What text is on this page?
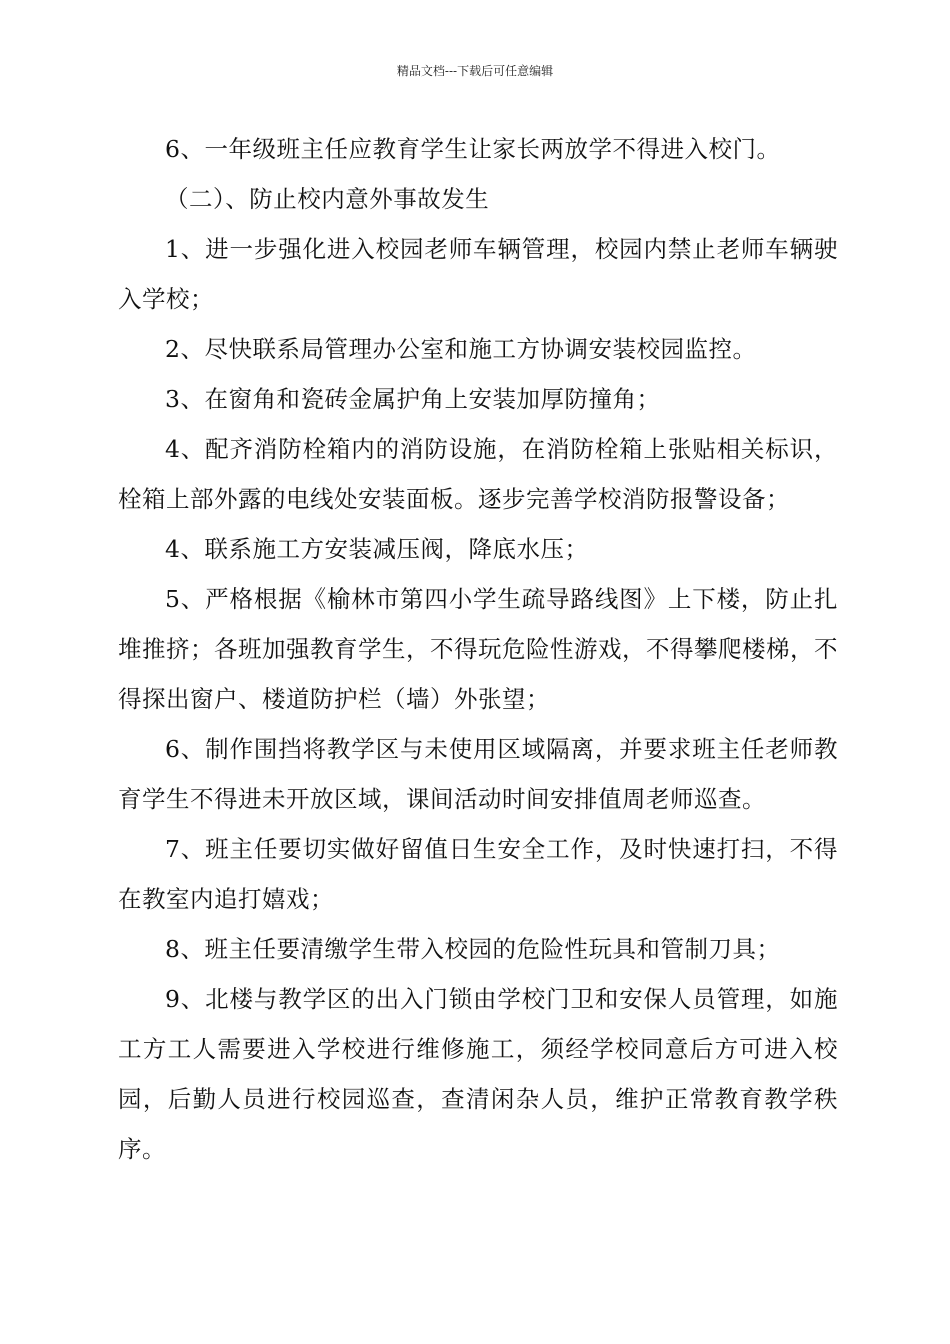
精品文档---下载后可任意编辑

6、一年级班主任应教育学生让家长两放学不得进入校门。

（二）、防止校内意外事故发生

1、进一步强化进入校园老师车辆管理，校园内禁止老师车辆驶入学校；

2、尽快联系局管理办公室和施工方协调安装校园监控。

3、在窗角和瓷砖金属护角上安装加厚防撞角；

4、配齐消防栓箱内的消防设施，在消防栓箱上张贴相关标识，栓箱上部外露的电线处安装面板。逐步完善学校消防报警设备；

4、联系施工方安装减压阀，降底水压；

5、严格根据《榆林市第四小学生疏导路线图》上下楼，防止扎堆推挤；各班加强教育学生，不得玩危险性游戏，不得攀爬楼梯，不得探出窗户、楼道防护栏（墙）外张望；

6、制作围挡将教学区与未使用区域隔离，并要求班主任老师教育学生不得进未开放区域，课间活动时间安排值周老师巡查。

7、班主任要切实做好留值日生安全工作，及时快速打扫，不得在教室内追打嬉戏；

8、班主任要清缴学生带入校园的危险性玩具和管制刀具；

9、北楼与教学区的出入门锁由学校门卫和安保人员管理，如施工方工人需要进入学校进行维修施工，须经学校同意后方可进入校园，后勤人员进行校园巡查，查清闲杂人员，维护正常教育教学秩序。
